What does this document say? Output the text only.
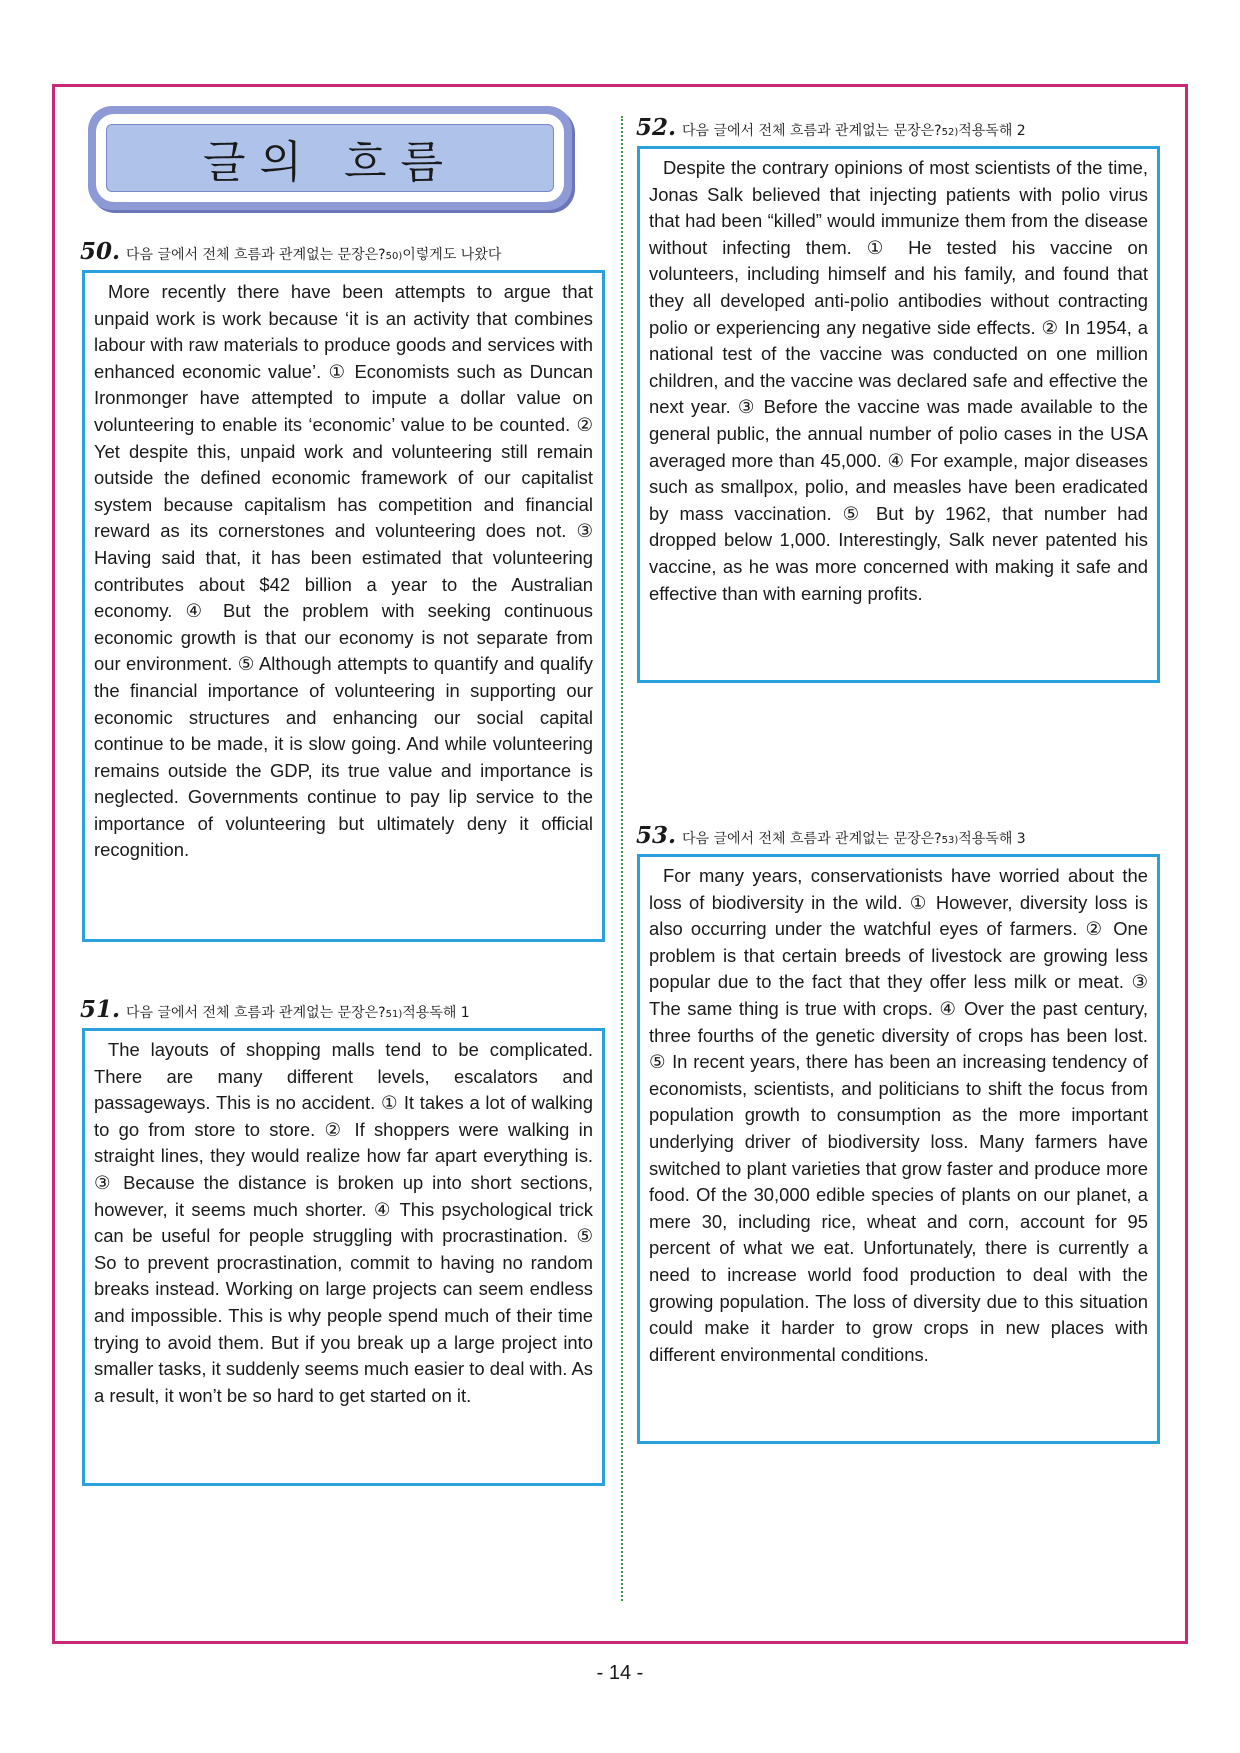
글의 흐름
50. 다음 글에서 전체 흐름과 관계없는 문장은? 50) 이렇게도 나왔다

More recently there have been attempts to argue that unpaid work is work because ‘it is an activity that combines labour with raw materials to produce goods and services with enhanced economic value’. ① Economists such as Duncan Ironmonger have attempted to impute a dollar value on volunteering to enable its ‘economic’ value to be counted. ② Yet despite this, unpaid work and volunteering still remain outside the defined economic framework of our capitalist system because capitalism has competition and financial reward as its cornerstones and volunteering does not. ③ Having said that, it has been estimated that volunteering contributes about $42 billion a year to the Australian economy. ④ But the problem with seeking continuous economic growth is that our economy is not separate from our environment. ⑤ Although attempts to quantify and qualify the financial importance of volunteering in supporting our economic structures and enhancing our social capital continue to be made, it is slow going. And while volunteering remains outside the GDP, its true value and importance is neglected. Governments continue to pay lip service to the importance of volunteering but ultimately deny it official recognition.

51. 다음 글에서 전체 흐름과 관계없는 문장은? 51) 적용독해 1

The layouts of shopping malls tend to be complicated. There are many different levels, escalators and passageways. This is no accident. ① It takes a lot of walking to go from store to store. ② If shoppers were walking in straight lines, they would realize how far apart everything is. ③ Because the distance is broken up into short sections, however, it seems much shorter. ④ This psychological trick can be useful for people struggling with procrastination. ⑤ So to prevent procrastination, commit to having no random breaks instead. Working on large projects can seem endless and impossible. This is why people spend much of their time trying to avoid them. But if you break up a large project into smaller tasks, it suddenly seems much easier to deal with. As a result, it won’t be so hard to get started on it.

52. 다음 글에서 전체 흐름과 관계없는 문장은? 52) 적용독해 2

Despite the contrary opinions of most scientists of the time, Jonas Salk believed that injecting patients with polio virus that had been “killed” would immunize them from the disease without infecting them. ① He tested his vaccine on volunteers, including himself and his family, and found that they all developed anti-polio antibodies without contracting polio or experiencing any negative side effects. ② In 1954, a national test of the vaccine was conducted on one million children, and the vaccine was declared safe and effective the next year. ③ Before the vaccine was made available to the general public, the annual number of polio cases in the USA averaged more than 45,000. ④ For example, major diseases such as smallpox, polio, and measles have been eradicated by mass vaccination. ⑤ But by 1962, that number had dropped below 1,000. Interestingly, Salk never patented his vaccine, as he was more concerned with making it safe and effective than with earning profits.

53. 다음 글에서 전체 흐름과 관계없는 문장은? 53) 적용독해 3

For many years, conservationists have worried about the loss of biodiversity in the wild. ① However, diversity loss is also occurring under the watchful eyes of farmers. ② One problem is that certain breeds of livestock are growing less popular due to the fact that they offer less milk or meat. ③ The same thing is true with crops. ④ Over the past century, three fourths of the genetic diversity of crops has been lost. ⑤ In recent years, there has been an increasing tendency of economists, scientists, and politicians to shift the focus from population growth to consumption as the more important underlying driver of biodiversity loss. Many farmers have switched to plant varieties that grow faster and produce more food. Of the 30,000 edible species of plants on our planet, a mere 30, including rice, wheat and corn, account for 95 percent of what we eat. Unfortunately, there is currently a need to increase world food production to deal with the growing population. The loss of diversity due to this situation could make it harder to grow crops in new places with different environmental conditions.

- 14 -
